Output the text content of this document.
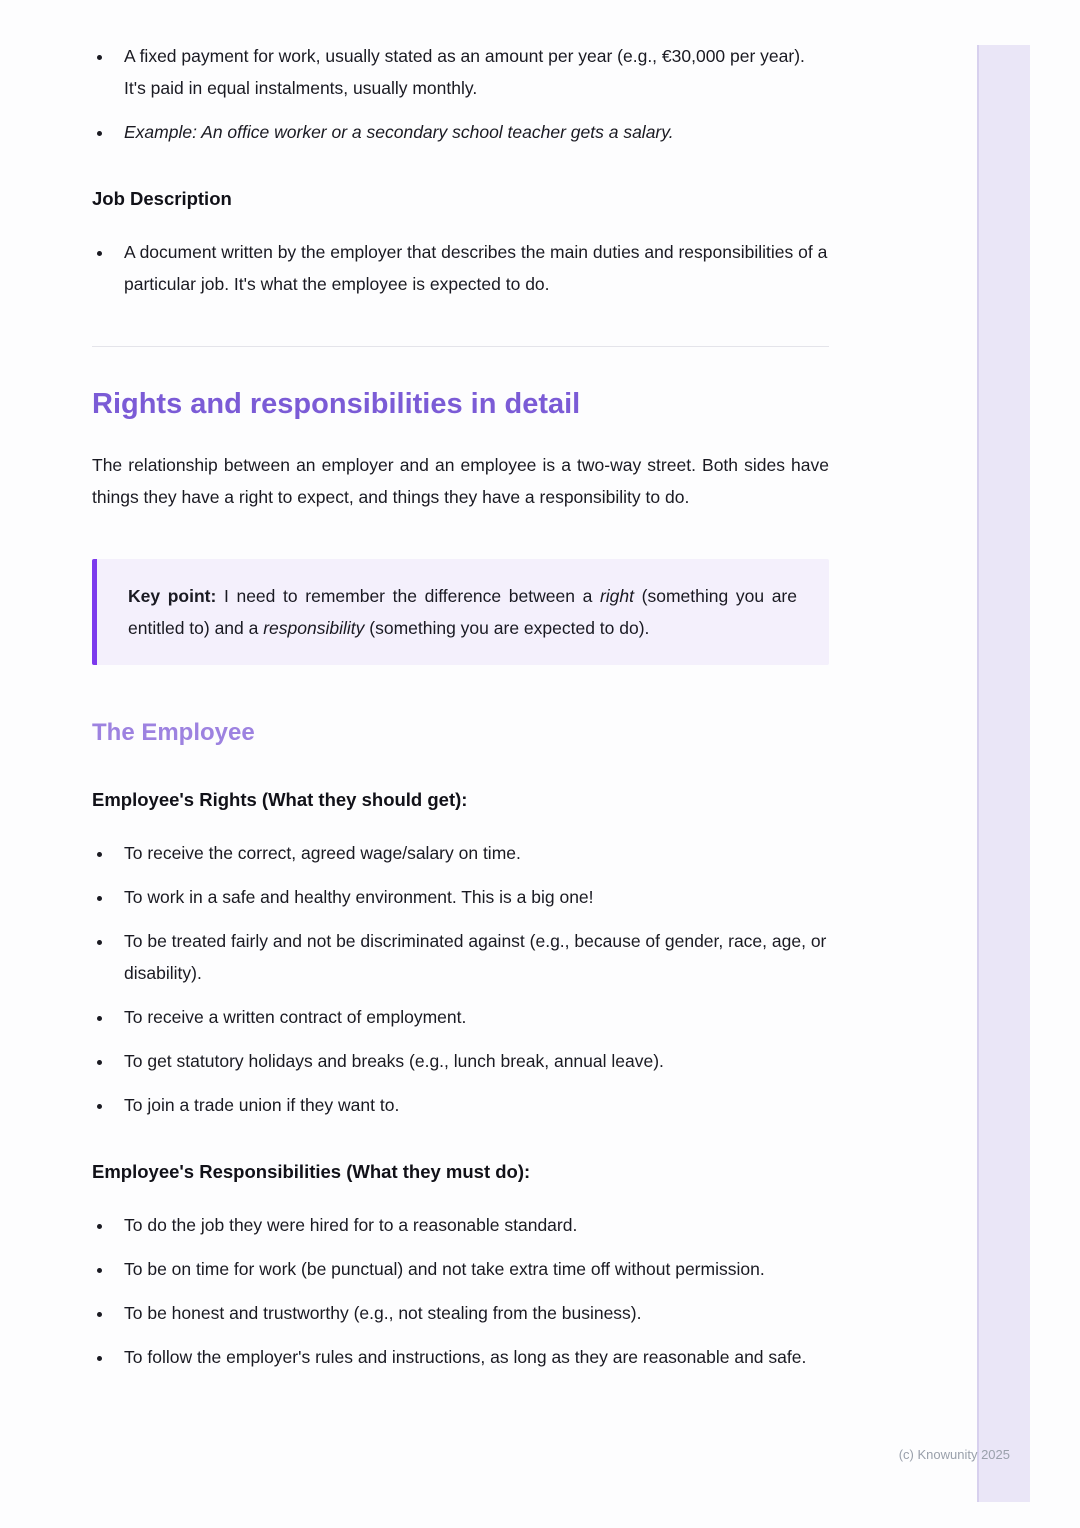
• A fixed payment for work, usually stated as an amount per year (e.g., €30,000 per year). It's paid in equal instalments, usually monthly.
• Example: An office worker or a secondary school teacher gets a salary.
Job Description
• A document written by the employer that describes the main duties and responsibilities of a particular job. It's what the employee is expected to do.
Rights and responsibilities in detail

The relationship between an employer and an employee is a two-way street. Both sides have things they have a right to expect, and things they have a responsibility to do.

Key point: I need to remember the difference between a right (something you are entitled to) and a responsibility (something you are expected to do).

The Employee
Employee's Rights (What they should get):
• To receive the correct, agreed wage/salary on time.
• To work in a safe and healthy environment. This is a big one!
• To be treated fairly and not be discriminated against (e.g., because of gender, race, age, or disability).
• To receive a written contract of employment.
• To get statutory holidays and breaks (e.g., lunch break, annual leave).
• To join a trade union if they want to.
Employee's Responsibilities (What they must do):
• To do the job they were hired for to a reasonable standard.
• To be on time for work (be punctual) and not take extra time off without permission.
• To be honest and trustworthy (e.g., not stealing from the business).
• To follow the employer's rules and instructions, as long as they are reasonable and safe.
(c) Knowunity 2025
